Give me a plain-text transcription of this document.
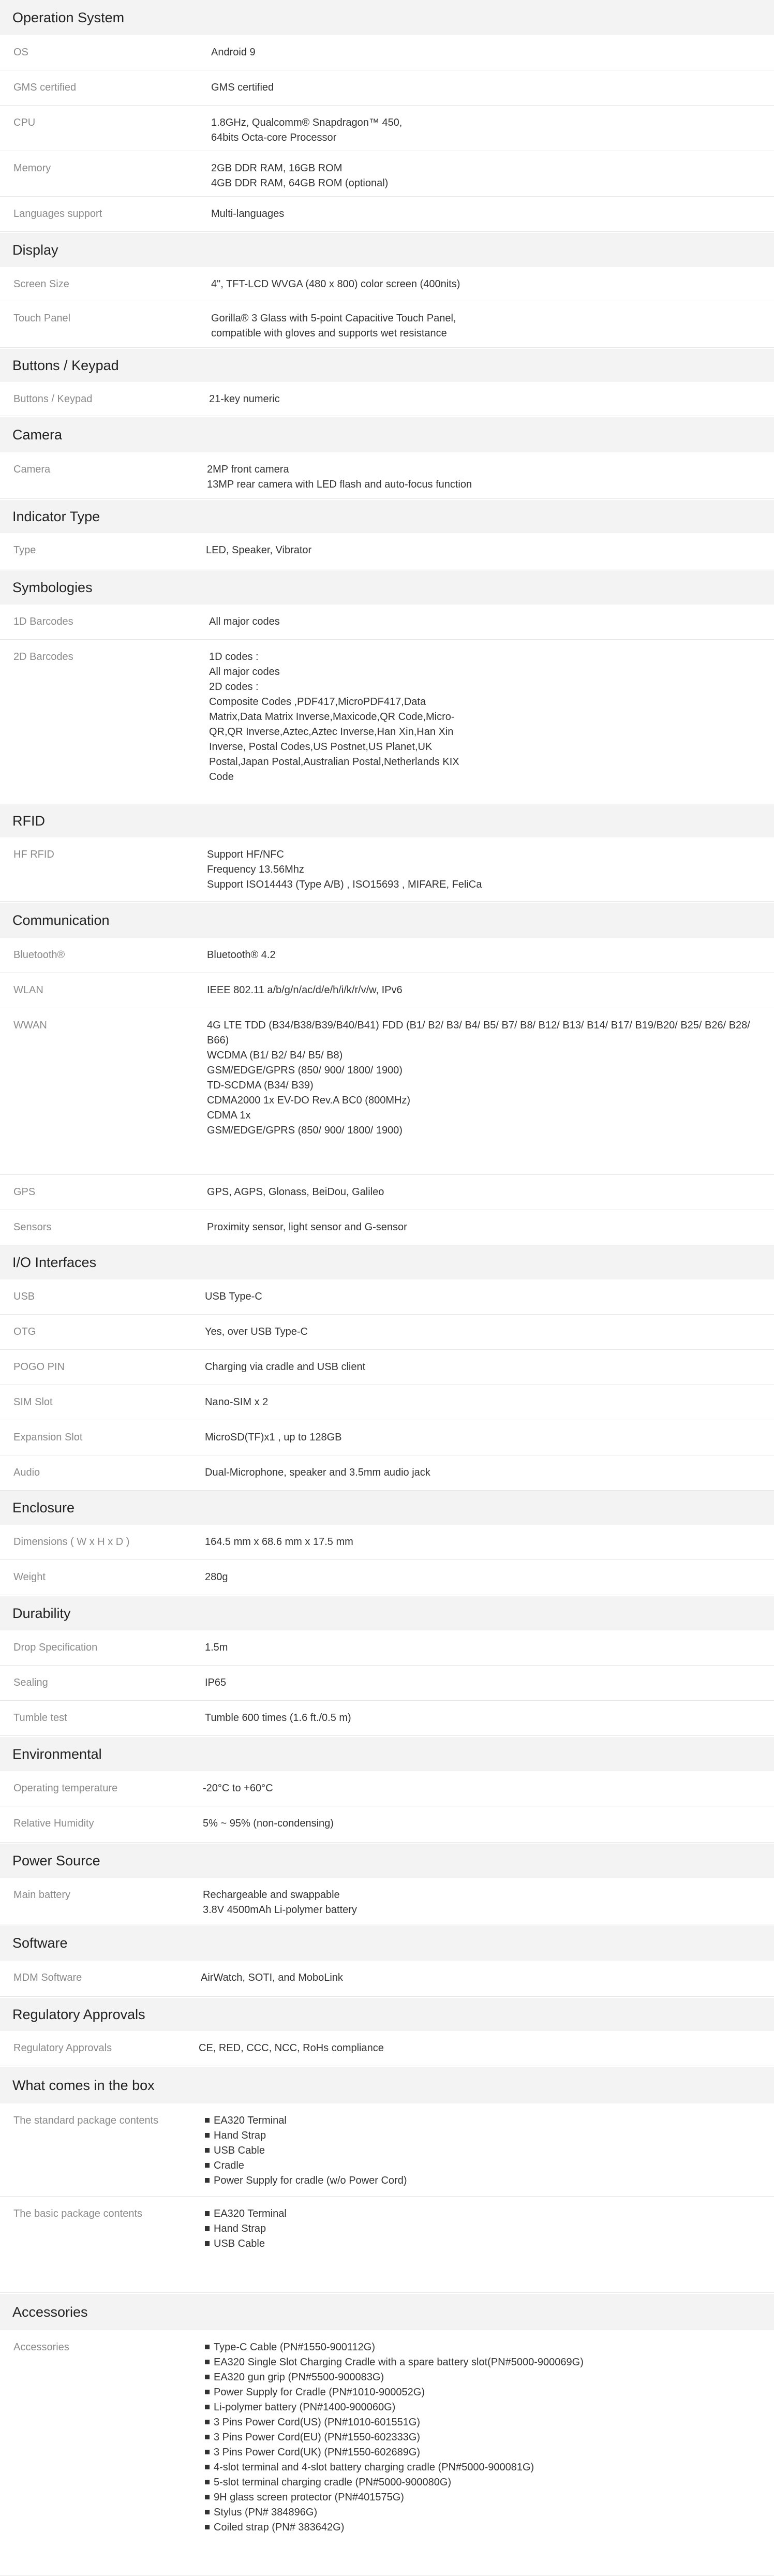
Operation System
OS	Android 9
GMS certified	GMS certified
CPU	1.8GHz, Qualcomm® Snapdragon™ 450,
64bits Octa-core Processor
Memory	2GB DDR RAM, 16GB ROM
4GB DDR RAM, 64GB ROM (optional)
Languages support	Multi-languages
Display
Screen Size	4", TFT-LCD WVGA (480 x 800) color screen (400nits)
Touch Panel	Gorilla® 3 Glass with 5-point Capacitive Touch Panel,
compatible with gloves and supports wet resistance
Buttons / Keypad
Buttons / Keypad	21-key numeric
Camera
Camera	2MP front camera
13MP rear camera with LED flash and auto-focus function
Indicator Type
Type	LED, Speaker, Vibrator
Symbologies
1D Barcodes	All major codes
2D Barcodes	1D codes :
All major codes
2D codes :
Composite Codes ,PDF417,MicroPDF417,Data
Matrix,Data Matrix Inverse,Maxicode,QR Code,Micro-
QR,QR Inverse,Aztec,Aztec Inverse,Han Xin,Han Xin
Inverse, Postal Codes,US Postnet,US Planet,UK
Postal,Japan Postal,Australian Postal,Netherlands KIX
Code
RFID
HF RFID	Support HF/NFC
Frequency 13.56Mhz
Support ISO14443 (Type A/B) , ISO15693 , MIFARE, FeliCa
Communication
Bluetooth®	Bluetooth® 4.2
WLAN	IEEE 802.11 a/b/g/n/ac/d/e/h/i/k/r/v/w, IPv6
WWAN	4G LTE TDD (B34/B38/B39/B40/B41) FDD (B1/ B2/ B3/ B4/ B5/ B7/ B8/ B12/ B13/ B14/ B17/ B19/B20/ B25/ B26/ B28/
B66)
WCDMA (B1/ B2/ B4/ B5/ B8)
GSM/EDGE/GPRS (850/ 900/ 1800/ 1900)
TD-SCDMA (B34/ B39)
CDMA2000 1x EV-DO Rev.A BC0 (800MHz)
CDMA 1x
GSM/EDGE/GPRS (850/ 900/ 1800/ 1900)
GPS	GPS, AGPS, Glonass, BeiDou, Galileo
Sensors	Proximity sensor, light sensor and G-sensor
I/O Interfaces
USB	USB Type-C
OTG	Yes, over USB Type-C
POGO PIN	Charging via cradle and USB client
SIM Slot	Nano-SIM x 2
Expansion Slot	MicroSD(TF)x1 , up to 128GB
Audio	Dual-Microphone, speaker and 3.5mm audio jack
Enclosure
Dimensions ( W x H x D )	164.5 mm x 68.6 mm x 17.5 mm
Weight	280g
Durability
Drop Specification	1.5m
Sealing	IP65
Tumble test	Tumble 600 times (1.6 ft./0.5 m)
Environmental
Operating temperature	-20°C to +60°C
Relative Humidity	5% ~ 95% (non-condensing)
Power Source
Main battery	Rechargeable and swappable
3.8V 4500mAh Li-polymer battery
Software
MDM Software	AirWatch, SOTI, and MoboLink
Regulatory Approvals
Regulatory Approvals	CE, RED, CCC, NCC, RoHs compliance
What comes in the box
The standard package contents	EA320 Terminal
Hand Strap
USB Cable
Cradle
Power Supply for cradle (w/o Power Cord)
The basic package contents	EA320 Terminal
Hand Strap
USB Cable
Accessories
Accessories	Type-C Cable (PN#1550-900112G)
EA320 Single Slot Charging Cradle with a spare battery slot(PN#5000-900069G)
EA320 gun grip (PN#5500-900083G)
Power Supply for Cradle (PN#1010-900052G)
Li-polymer battery (PN#1400-900060G)
3 Pins Power Cord(US) (PN#1010-601551G)
3 Pins Power Cord(EU) (PN#1550-602333G)
3 Pins Power Cord(UK) (PN#1550-602689G)
4-slot terminal and 4-slot battery charging cradle (PN#5000-900081G)
5-slot terminal charging cradle (PN#5000-900080G)
9H glass screen protector (PN#401575G)
Stylus (PN# 384896G)
Coiled strap (PN# 383642G)
